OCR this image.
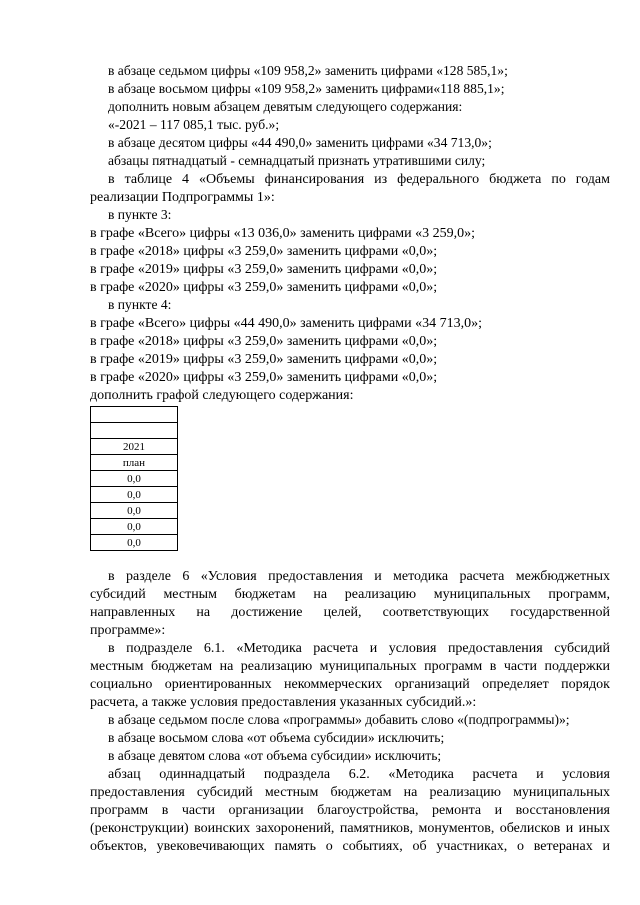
в абзаце седьмом цифры «109 958,2» заменить цифрами «128 585,1»;
в абзаце восьмом цифры «109 958,2» заменить цифрами«118 885,1»;
дополнить новым абзацем девятым следующего содержания:
«-2021 – 117 085,1 тыс. руб.»;
в абзаце десятом цифры «44 490,0» заменить цифрами «34 713,0»;
абзацы пятнадцатый - семнадцатый признать утратившими силу;
в таблице 4 «Объемы финансирования из федерального бюджета по годам
реализации Подпрограммы 1»:
в пункте 3:
в графе «Всего» цифры «13 036,0» заменить цифрами «3 259,0»;
в графе «2018» цифры «3 259,0» заменить цифрами «0,0»;
в графе «2019» цифры «3 259,0» заменить цифрами «0,0»;
в графе «2020» цифры «3 259,0» заменить цифрами «0,0»;
в пункте 4:
в графе «Всего» цифры «44 490,0» заменить цифрами «34 713,0»;
в графе «2018» цифры «3 259,0» заменить цифрами «0,0»;
в графе «2019» цифры «3 259,0» заменить цифрами «0,0»;
в графе «2020» цифры «3 259,0» заменить цифрами «0,0»;
дополнить графой следующего содержания:

2021
план
0,0
0,0
0,0
0,0
0,0
в разделе 6 «Условия предоставления и методика расчета межбюджетных
субсидий местным бюджетам на реализацию муниципальных программ,
направленных на достижение целей, соответствующих государственной
программе»:
в подразделе 6.1. «Методика расчета и условия предоставления субсидий
местным бюджетам на реализацию муниципальных программ в части поддержки
социально ориентированных некоммерческих организаций определяет порядок
расчета, а также условия предоставления указанных субсидий.»:
в абзаце седьмом после слова «программы» добавить слово «(подпрограммы)»;
в абзаце восьмом слова «от объема субсидии» исключить;
в абзаце девятом слова «от объема субсидии» исключить;
абзац одиннадцатый подраздела 6.2. «Методика расчета и условия
предоставления субсидий местным бюджетам на реализацию муниципальных
программ в части организации благоустройства, ремонта и восстановления
(реконструкции) воинских захоронений, памятников, монументов, обелисков и иных
объектов, увековечивающих память о событиях, об участниках, о ветеранах и
